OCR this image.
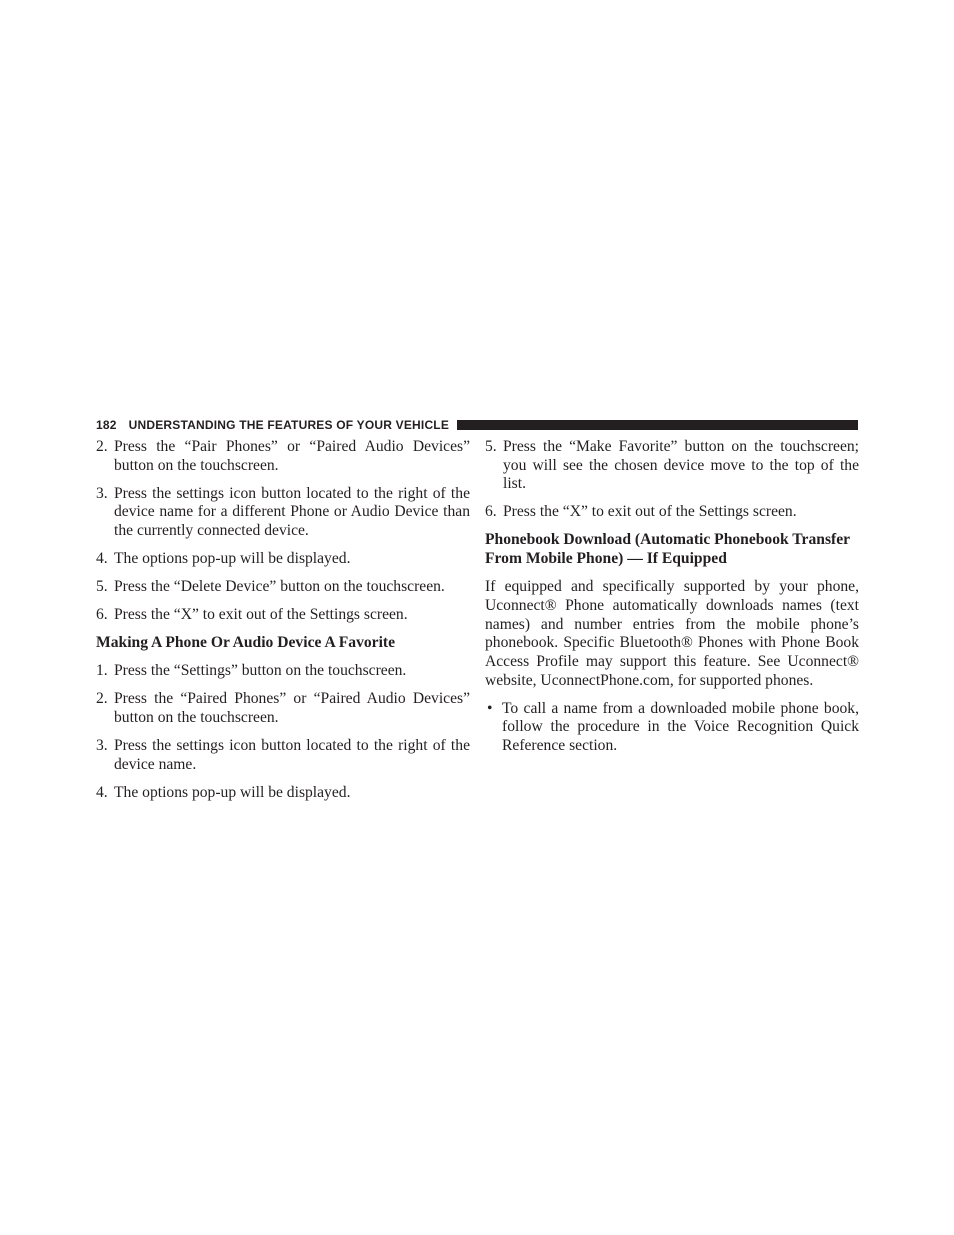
182 UNDERSTANDING THE FEATURES OF YOUR VEHICLE
2. Press the “Pair Phones” or “Paired Audio Devices” button on the touchscreen.
3. Press the settings icon button located to the right of the device name for a different Phone or Audio Device than the currently connected device.
4. The options pop-up will be displayed.
5. Press the “Delete Device” button on the touchscreen.
6. Press the “X” to exit out of the Settings screen.
Making A Phone Or Audio Device A Favorite
1. Press the “Settings” button on the touchscreen.
2. Press the “Paired Phones” or “Paired Audio Devices” button on the touchscreen.
3. Press the settings icon button located to the right of the device name.
4. The options pop-up will be displayed.
5. Press the “Make Favorite” button on the touchscreen; you will see the chosen device move to the top of the list.
6. Press the “X” to exit out of the Settings screen.
Phonebook Download (Automatic Phonebook Transfer From Mobile Phone) — If Equipped
If equipped and specifically supported by your phone, Uconnect® Phone automatically downloads names (text names) and number entries from the mobile phone’s phonebook. Specific Bluetooth® Phones with Phone Book Access Profile may support this feature. See Uconnect® website, UconnectPhone.com, for supported phones.
• To call a name from a downloaded mobile phone book, follow the procedure in the Voice Recognition Quick Reference section.
